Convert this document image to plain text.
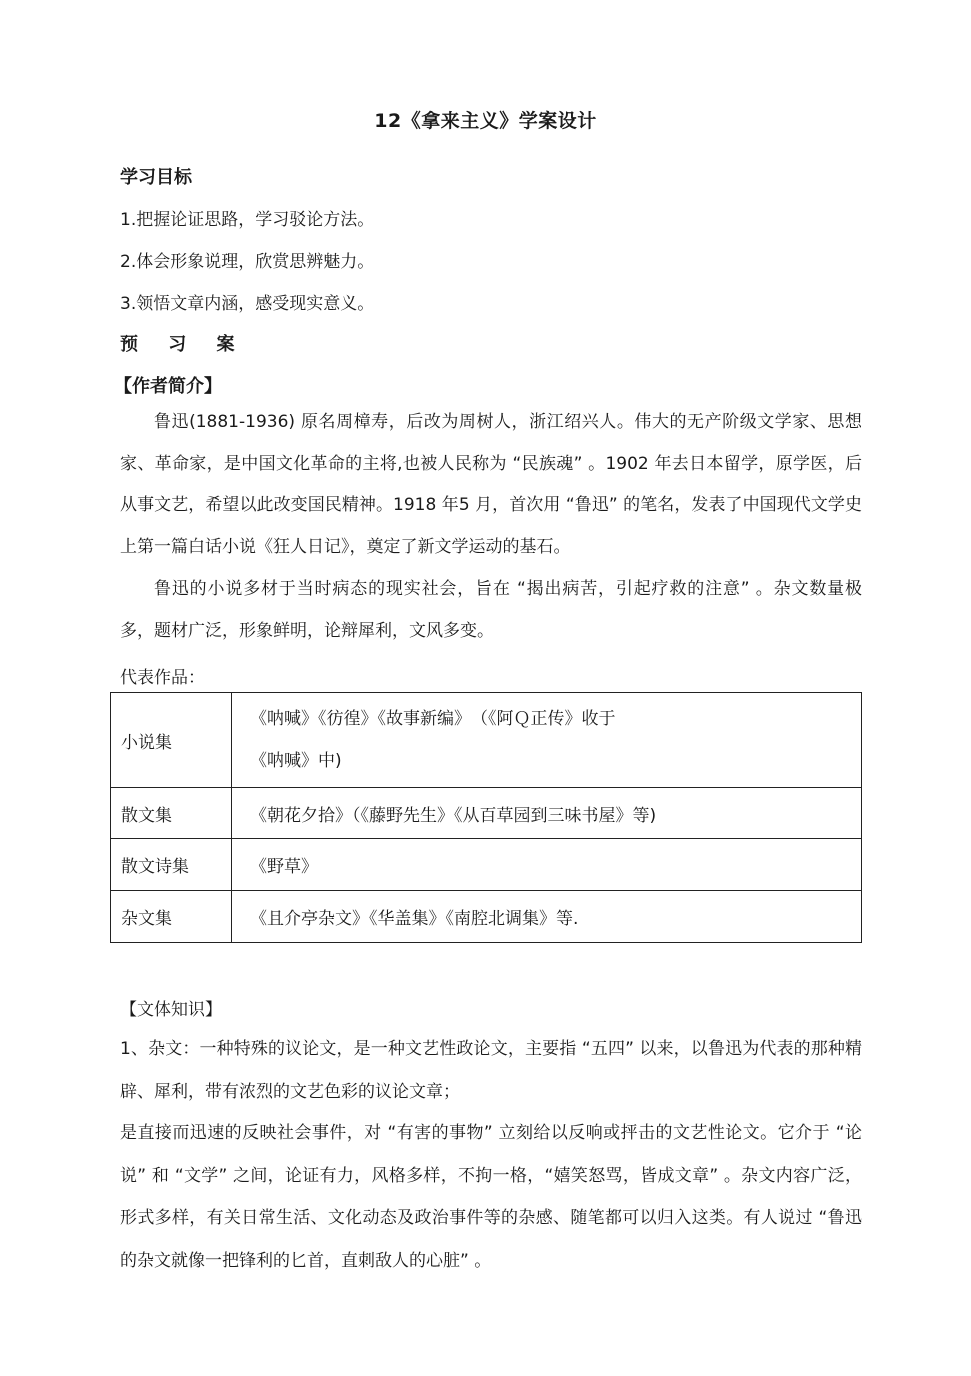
12《拿来主义》学案设计
学习目标
1.把握论证思路，学习驳论方法。
2.体会形象说理，欣赏思辨魅力。
3.领悟文章内涵，感受现实意义。
预 习 案
【作者简介】
鲁迅(1881-1936) 原名周樟寿，后改为周树人，浙江绍兴人。伟大的无产阶级文学家、思想家、革命家，是中国文化革命的主将,也被人民称为 “民族魂” 。1902 年去日本留学，原学医，后从事文艺，希望以此改变国民精神。1918 年5 月，首次用 “鲁迅” 的笔名，发表了中国现代文学史上第一篇白话小说《狂人日记》，奠定了新文学运动的基石。
鲁迅的小说多材于当时病态的现实社会，旨在 “揭出病苦，引起疗救的注意” 。杂文数量极多，题材广泛，形象鲜明，论辩犀利，文风多变。
代表作品：
小说集	《呐喊》《彷徨》《故事新编》　（《阿Ｑ正传》收于
《呐喊》中)

散文集	《朝花夕拾》（《藤野先生》《从百草园到三味书屋》等)
散文诗集	《野草》
杂文集	《且介亭杂文》《华盖集》《南腔北调集》等.
【文体知识】
1、杂文：一种特殊的议论文，是一种文艺性政论文，主要指 “五四” 以来，以鲁迅为代表的那种精辟、犀利，带有浓烈的文艺色彩的议论文章；
是直接而迅速的反映社会事件，对 “有害的事物” 立刻给以反响或抨击的文艺性论文。它介于 “论说” 和 “文学” 之间，论证有力，风格多样，不拘一格，“嬉笑怒骂，皆成文章” 。杂文内容广泛，形式多样，有关日常生活、文化动态及政治事件等的杂感、随笔都可以归入这类。有人说过 “鲁迅的杂文就像一把锋利的匕首，直刺敌人的心脏” 。
